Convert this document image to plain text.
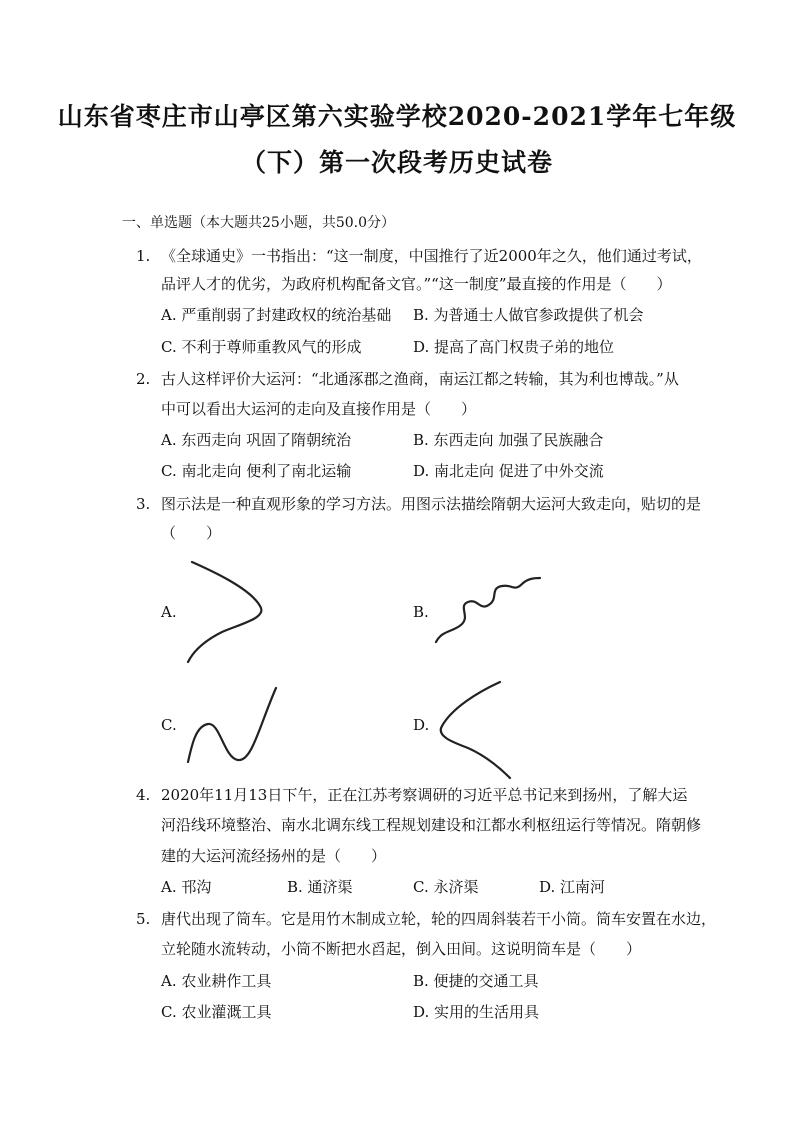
山东省枣庄市山亭区第六实验学校2020-2021学年七年级
（下）第一次段考历史试卷
一、单选题（本大题共25小题，共50.0分）
1. 《全球通史》一书指出：“这一制度，中国推行了近2000年之久，他们通过考试，
品评人才的优劣，为政府机构配备文官。”“这一制度”最直接的作用是（　　）
A. 严重削弱了封建政权的统治基础 B. 为普通士人做官参政提供了机会
C. 不利于尊师重教风气的形成	D. 提高了高门权贵子弟的地位
2. 古人这样评价大运河：“北通涿郡之渔商，南运江都之转输，其为利也博哉。”从
中可以看出大运河的走向及直接作用是（　　）
A. 东西走向 巩固了隋朝统治	B. 东西走向 加强了民族融合
C. 南北走向 便利了南北运输	D. 南北走向 促进了中外交流
3. 图示法是一种直观形象的学习方法。用图示法描绘隋朝大运河大致走向，贴切的是
（　　）
A.	B.
C.	D.
4. 2020年11月13日下午，正在江苏考察调研的习近平总书记来到扬州，了解大运
河沿线环境整治、南水北调东线工程规划建设和江都水利枢纽运行等情况。隋朝修
建的大运河流经扬州的是（　　）
A. 邗沟	B. 通济渠	C. 永济渠	D. 江南河
5. 唐代出现了筒车。它是用竹木制成立轮，轮的四周斜装若干小筒。筒车安置在水边，
立轮随水流转动，小筒不断把水舀起，倒入田间。这说明筒车是（　　）
A. 农业耕作工具	B. 便捷的交通工具
C. 农业灌溉工具	D. 实用的生活用具
